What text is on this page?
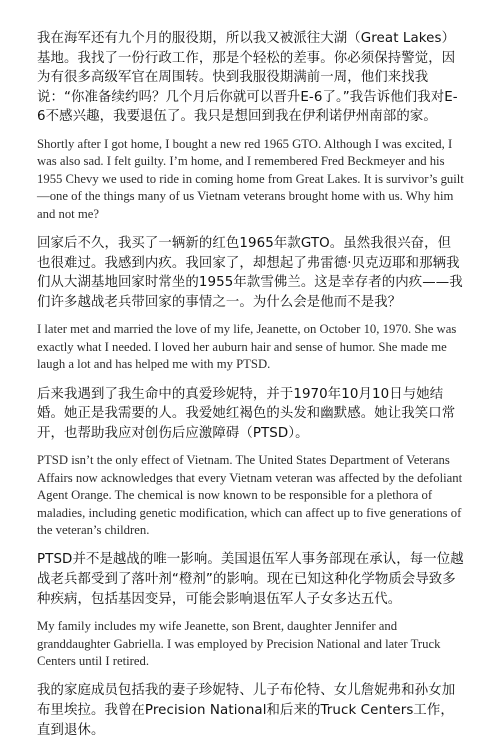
我在海军还有九个月的服役期，所以我又被派往大湖（Great Lakes）基地。我找了一份行政工作，那是个轻松的差事。你必须保持警觉，因为有很多高级军官在周围转。快到我服役期满前一周，他们来找我说：“你准备续约吗？几个月后你就可以晋升E-6了。”我告诉他们我对E-6不感兴趣，我要退伍了。我只是想回到我在伊利诺伊州南部的家。

Shortly after I got home, I bought a new red 1965 GTO. Although I was excited, I was also sad. I felt guilty. I’m home, and I remembered Fred Beckmeyer and his 1955 Chevy we used to ride in coming home from Great Lakes. It is survivor’s guilt—one of the things many of us Vietnam veterans brought home with us. Why him and not me?

回家后不久，我买了一辆新的红色1965年款GTO。虽然我很兴奋，但也很难过。我感到内疚。我回家了，却想起了弗雷德·贝克迈耶和那辆我们从大湖基地回家时常坐的1955年款雪佛兰。这是幸存者的内疚——我们许多越战老兵带回家的事情之一。为什么会是他而不是我？

I later met and married the love of my life, Jeanette, on October 10, 1970. She was exactly what I needed. I loved her auburn hair and sense of humor. She made me laugh a lot and has helped me with my PTSD.

后来我遇到了我生命中的真爱珍妮特，并于1970年10月10日与她结婚。她正是我需要的人。我爱她红褐色的头发和幽默感。她让我笑口常开，也帮助我应对创伤后应激障碍（PTSD）。

PTSD isn’t the only effect of Vietnam. The United States Department of Veterans Affairs now acknowledges that every Vietnam veteran was affected by the defoliant Agent Orange. The chemical is now known to be responsible for a plethora of maladies, including genetic modification, which can affect up to five generations of the veteran’s children.

PTSD并不是越战的唯一影响。美国退伍军人事务部现在承认，每一位越战老兵都受到了落叶剂“橙剂”的影响。现在已知这种化学物质会导致多种疾病，包括基因变异，可能会影响退伍军人子女多达五代。

My family includes my wife Jeanette, son Brent, daughter Jennifer and granddaughter Gabriella. I was employed by Precision National and later Truck Centers until I retired.

我的家庭成员包括我的妻子珍妮特、儿子布伦特、女儿詹妮弗和孙女加布里埃拉。我曾在Precision National和后来的Truck Centers工作，直到退休。
